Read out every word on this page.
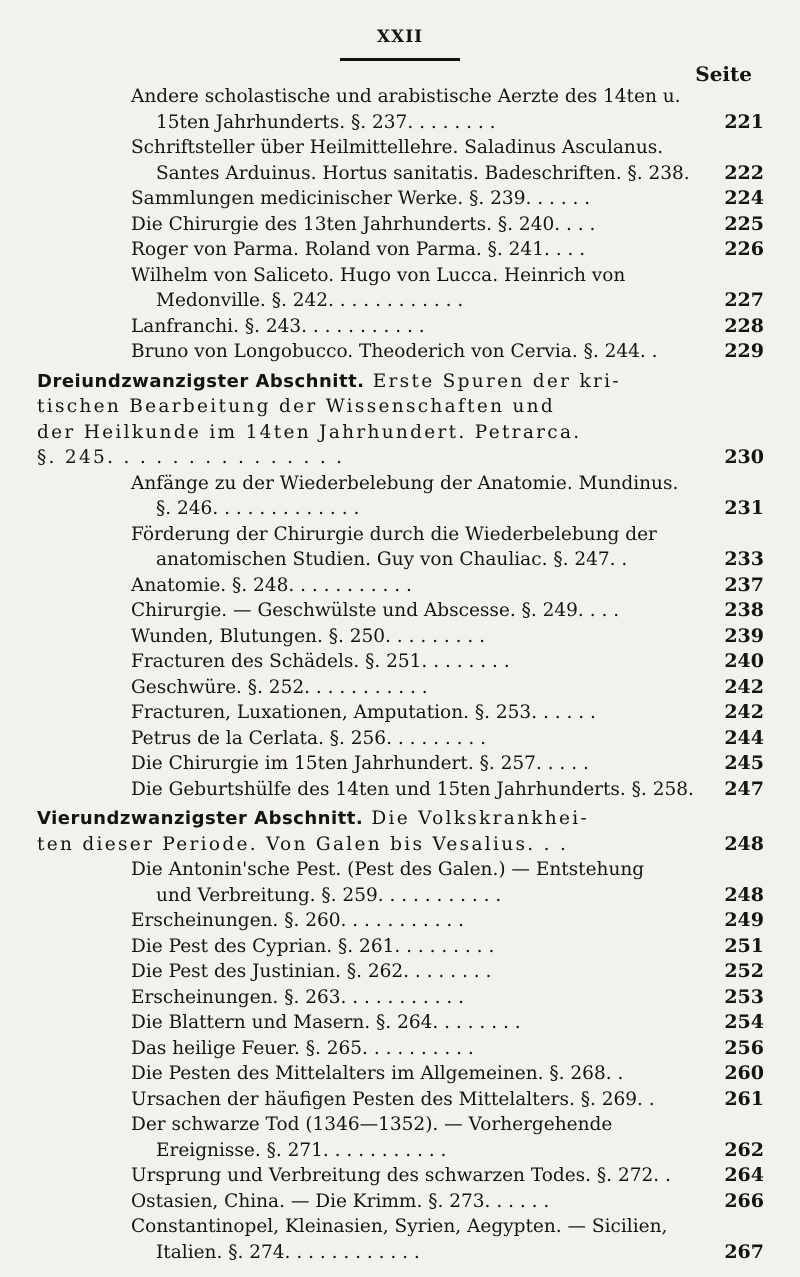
XXII
Seite
Andere scholastische und arabistische Aerzte des 14ten u.
15ten Jahrhunderts. §. 237. . . . . . . .	221
Schriftsteller über Heilmittellehre. Saladinus Asculanus.
Santes Arduinus. Hortus sanitatis. Badeschriften. §. 238.	222
Sammlungen medicinischer Werke. §. 239. . . . . .	224
Die Chirurgie des 13ten Jahrhunderts. §. 240. . . .	225
Roger von Parma. Roland von Parma. §. 241. . . .	226
Wilhelm von Saliceto. Hugo von Lucca. Heinrich von
Medonville. §. 242. . . . . . . . . . . .	227
Lanfranchi. §. 243. . . . . . . . . . .	228
Bruno von Longobucco. Theoderich von Cervia. §. 244. .	229
Dreiundzwanzigster Abschnitt. Erste Spuren der kri-
tischen Bearbeitung der Wissenschaften und
der Heilkunde im 14ten Jahrhundert. Petrarca.
§. 245. . . . . . . . . . . . . . .	230
Anfänge zu der Wiederbelebung der Anatomie. Mundinus.
§. 246. . . . . . . . . . . . .	231
Förderung der Chirurgie durch die Wiederbelebung der
anatomischen Studien. Guy von Chauliac. §. 247. .	233
Anatomie. §. 248. . . . . . . . . . .	237
Chirurgie. — Geschwülste und Abscesse. §. 249. . . .	238
Wunden, Blutungen. §. 250. . . . . . . . .	239
Fracturen des Schädels. §. 251. . . . . . . .	240
Geschwüre. §. 252. . . . . . . . . . .	242
Fracturen, Luxationen, Amputation. §. 253. . . . . .	242
Petrus de la Cerlata. §. 256. . . . . . . . .	244
Die Chirurgie im 15ten Jahrhundert. §. 257. . . . .	245
Die Geburtshülfe des 14ten und 15ten Jahrhunderts. §. 258.	247
Vierundzwanzigster Abschnitt. Die Volkskrankhei-
ten dieser Periode. Von Galen bis Vesalius. . .	248
Die Antonin'sche Pest. (Pest des Galen.) — Entstehung
und Verbreitung. §. 259. . . . . . . . . . .	248
Erscheinungen. §. 260. . . . . . . . . . .	249
Die Pest des Cyprian. §. 261. . . . . . . . .	251
Die Pest des Justinian. §. 262. . . . . . . .	252
Erscheinungen. §. 263. . . . . . . . . . .	253
Die Blattern und Masern. §. 264. . . . . . . .	254
Das heilige Feuer. §. 265. . . . . . . . . .	256
Die Pesten des Mittelalters im Allgemeinen. §. 268. .	260
Ursachen der häufigen Pesten des Mittelalters. §. 269. .	261
Der schwarze Tod (1346—1352). — Vorhergehende
Ereignisse. §. 271. . . . . . . . . . .	262
Ursprung und Verbreitung des schwarzen Todes. §. 272. .	264
Ostasien, China. — Die Krimm. §. 273. . . . . .	266
Constantinopel, Kleinasien, Syrien, Aegypten. — Sicilien,
Italien. §. 274. . . . . . . . . . . .	267
